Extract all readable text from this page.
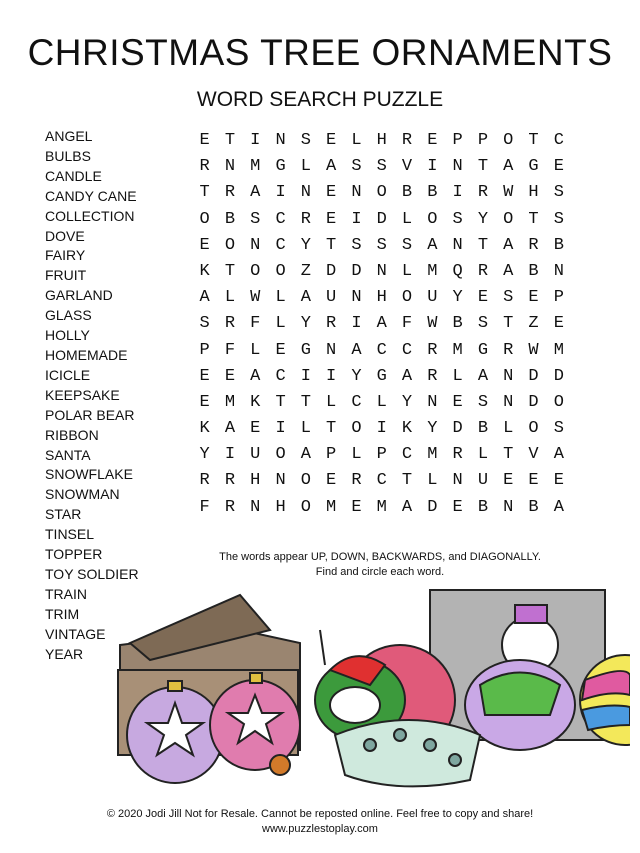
CHRISTMAS TREE ORNAMENTS
WORD SEARCH PUZZLE
ANGEL
BULBS
CANDLE
CANDY CANE
COLLECTION
DOVE
FAIRY
FRUIT
GARLAND
GLASS
HOLLY
HOMEMADE
ICICLE
KEEPSAKE
POLAR BEAR
RIBBON
SANTA
SNOWFLAKE
SNOWMAN
STAR
TINSEL
TOPPER
TOY SOLDIER
TRAIN
TRIM
VINTAGE
YEAR
E T I N S E L H R E P P O T C
R N M G L A S S V I N T A G E
T R A I N E N O B B I R W H S
O B S C R E I D L O S Y O T S
E O N C Y T S S S A N T A R B
K T O O Z D D N L M Q R A B N
A L W L A U N H O U Y E S E P
S R F L Y R I A F W B S T Z E
P F L E G N A C C R M G R W M
E E A C I I Y G A R L A N D D
E M K T T L C L Y N E S N D O
K A E I L T O I K Y D B L O S
Y I U O A P L P C M R L T V A
R R H N O E R C T L N U E E E
F R N H O M E M A D E B N B A
The words appear UP, DOWN, BACKWARDS, and DIAGONALLY.
Find and circle each word.
© 2020 Jodi Jill Not for Resale. Cannot be reposted online. Feel free to copy and share!
www.puzzlestoplay.com
